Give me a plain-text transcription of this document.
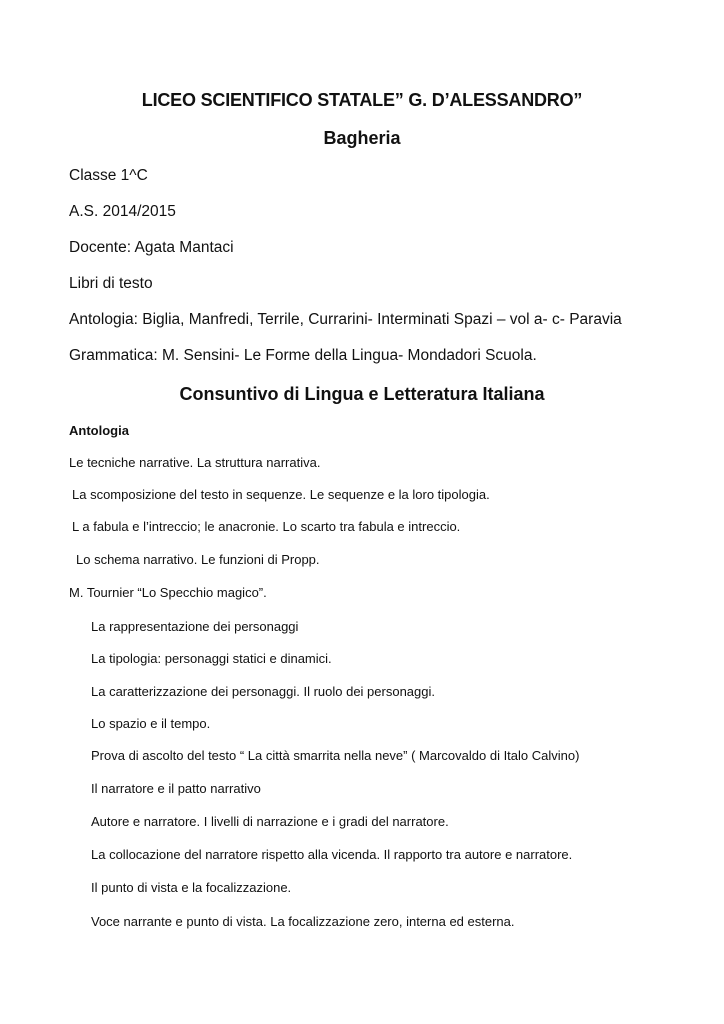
LICEO SCIENTIFICO STATALE” G. D’ALESSANDRO”
Bagheria
Classe 1^C
A.S. 2014/2015
Docente: Agata Mantaci
Libri di testo
Antologia: Biglia, Manfredi, Terrile, Currarini- Interminati Spazi – vol a- c- Paravia
Grammatica: M. Sensini- Le Forme della Lingua- Mondadori Scuola.
Consuntivo di Lingua e Letteratura Italiana
Antologia
Le tecniche narrative. La struttura narrativa.
La scomposizione del testo in sequenze. Le sequenze e la loro tipologia.
L a fabula e l’intreccio; le anacronie. Lo scarto tra fabula e intreccio.
Lo schema narrativo. Le funzioni di Propp.
M. Tournier “Lo Specchio magico”.
La rappresentazione dei personaggi
La tipologia: personaggi statici e dinamici.
La caratterizzazione dei personaggi. Il ruolo dei personaggi.
Lo spazio e il tempo.
Prova di ascolto del testo “ La città smarrita nella neve” ( Marcovaldo di Italo Calvino)
Il narratore e il patto narrativo
Autore e narratore. I livelli di narrazione e i gradi del narratore.
La collocazione del narratore rispetto alla vicenda. Il rapporto tra autore e narratore.
Il punto di vista e la focalizzazione.
Voce narrante e punto di vista. La focalizzazione zero, interna ed esterna.
